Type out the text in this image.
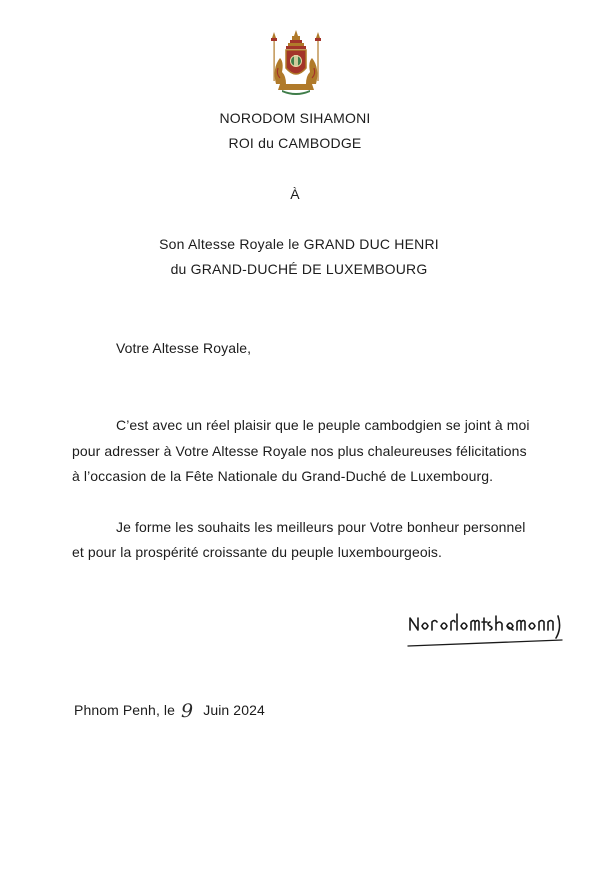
NORODOM SIHAMONI
ROI du CAMBODGE
À
Son Altesse Royale le GRAND DUC HENRI
du GRAND-DUCHÉ DE LUXEMBOURG
Votre Altesse Royale,
C’est avec un réel plaisir que le peuple cambodgien se joint à moi
pour adresser à Votre Altesse Royale nos plus chaleureuses félicitations
à l’occasion de la Fête Nationale du Grand-Duché de Luxembourg.
Je forme les souhaits les meilleurs pour Votre bonheur personnel
et pour la prospérité croissante du peuple luxembourgeois.
Phnom Penh, le 9 Juin 2024
